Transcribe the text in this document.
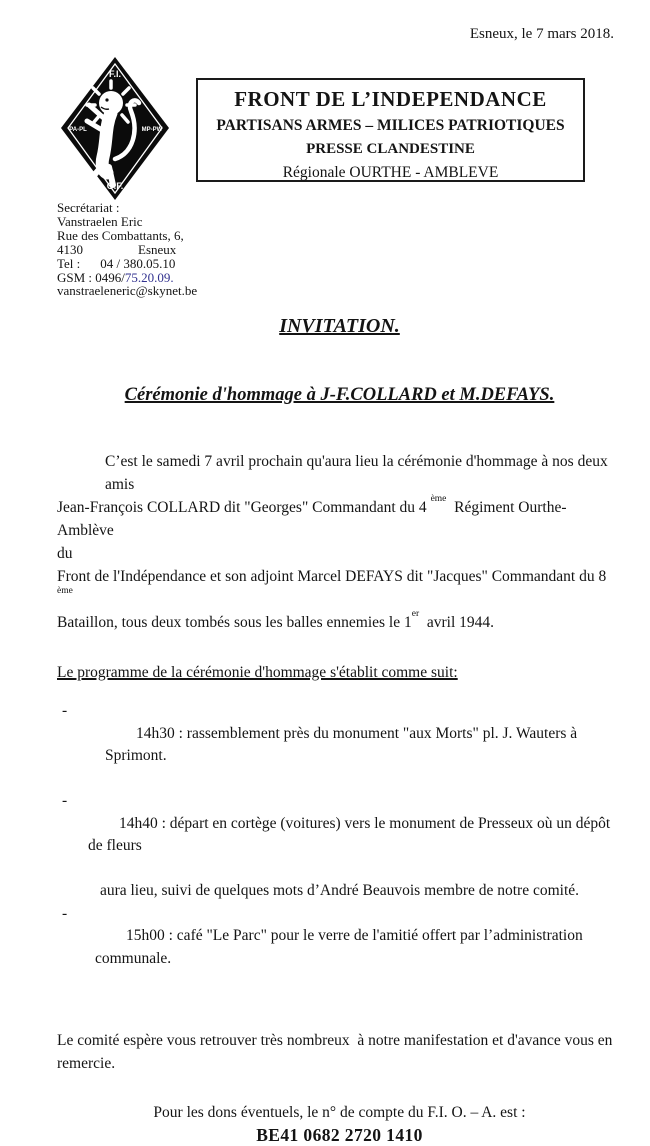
Esneux, le 7 mars 2018.
F.I.
PA-PL	MP-PW
O.F.
FRONT DE L’INDEPENDANCE
PARTISANS ARMES – MILICES PATRIOTIQUES
PRESSE CLANDESTINE
Régionale OURTHE - AMBLEVE
Secrétariat :
Vanstraelen Eric
Rue des Combattants, 6,
4130	Esneux
Tel : 04 / 380.05.10
GSM : 0496/75.20.09.
vanstraeleneric@skynet.be
INVITATION.
Cérémonie d'hommage à J-F.COLLARD et M.DEFAYS.
C’est le samedi 7 avril prochain qu'aura lieu la cérémonie d'hommage à nos deux amis
Jean-François COLLARD dit "Georges" Commandant du 4 $^{ème}$  Régiment Ourthe-Amblève
du
Front de l'Indépendance et son adjoint Marcel DEFAYS dit "Jacques" Commandant du 8 $^{ème}$
Bataillon, tous deux tombés sous les balles ennemies le 1er  avril 1944.
Le programme de la cérémonie d'hommage s'établit comme suit:

-
14h30 : rassemblement près du monument "aux Morts" pl. J. Wauters à Sprimont.

-
14h40 : départ en cortège (voitures) vers le monument de Presseux où un dépôt de fleurs

aura lieu, suivi de quelques mots d’André Beauvois membre de notre comité.

-
15h00 : café "Le Parc" pour le verre de l'amitié offert par l’administration communale.

Le comité espère vous retrouver très nombreux  à notre manifestation et d'avance vous en
remercie.
Pour les dons éventuels, le n° de compte du F.I. O. – A. est :
BE41 0682 2720 1410
